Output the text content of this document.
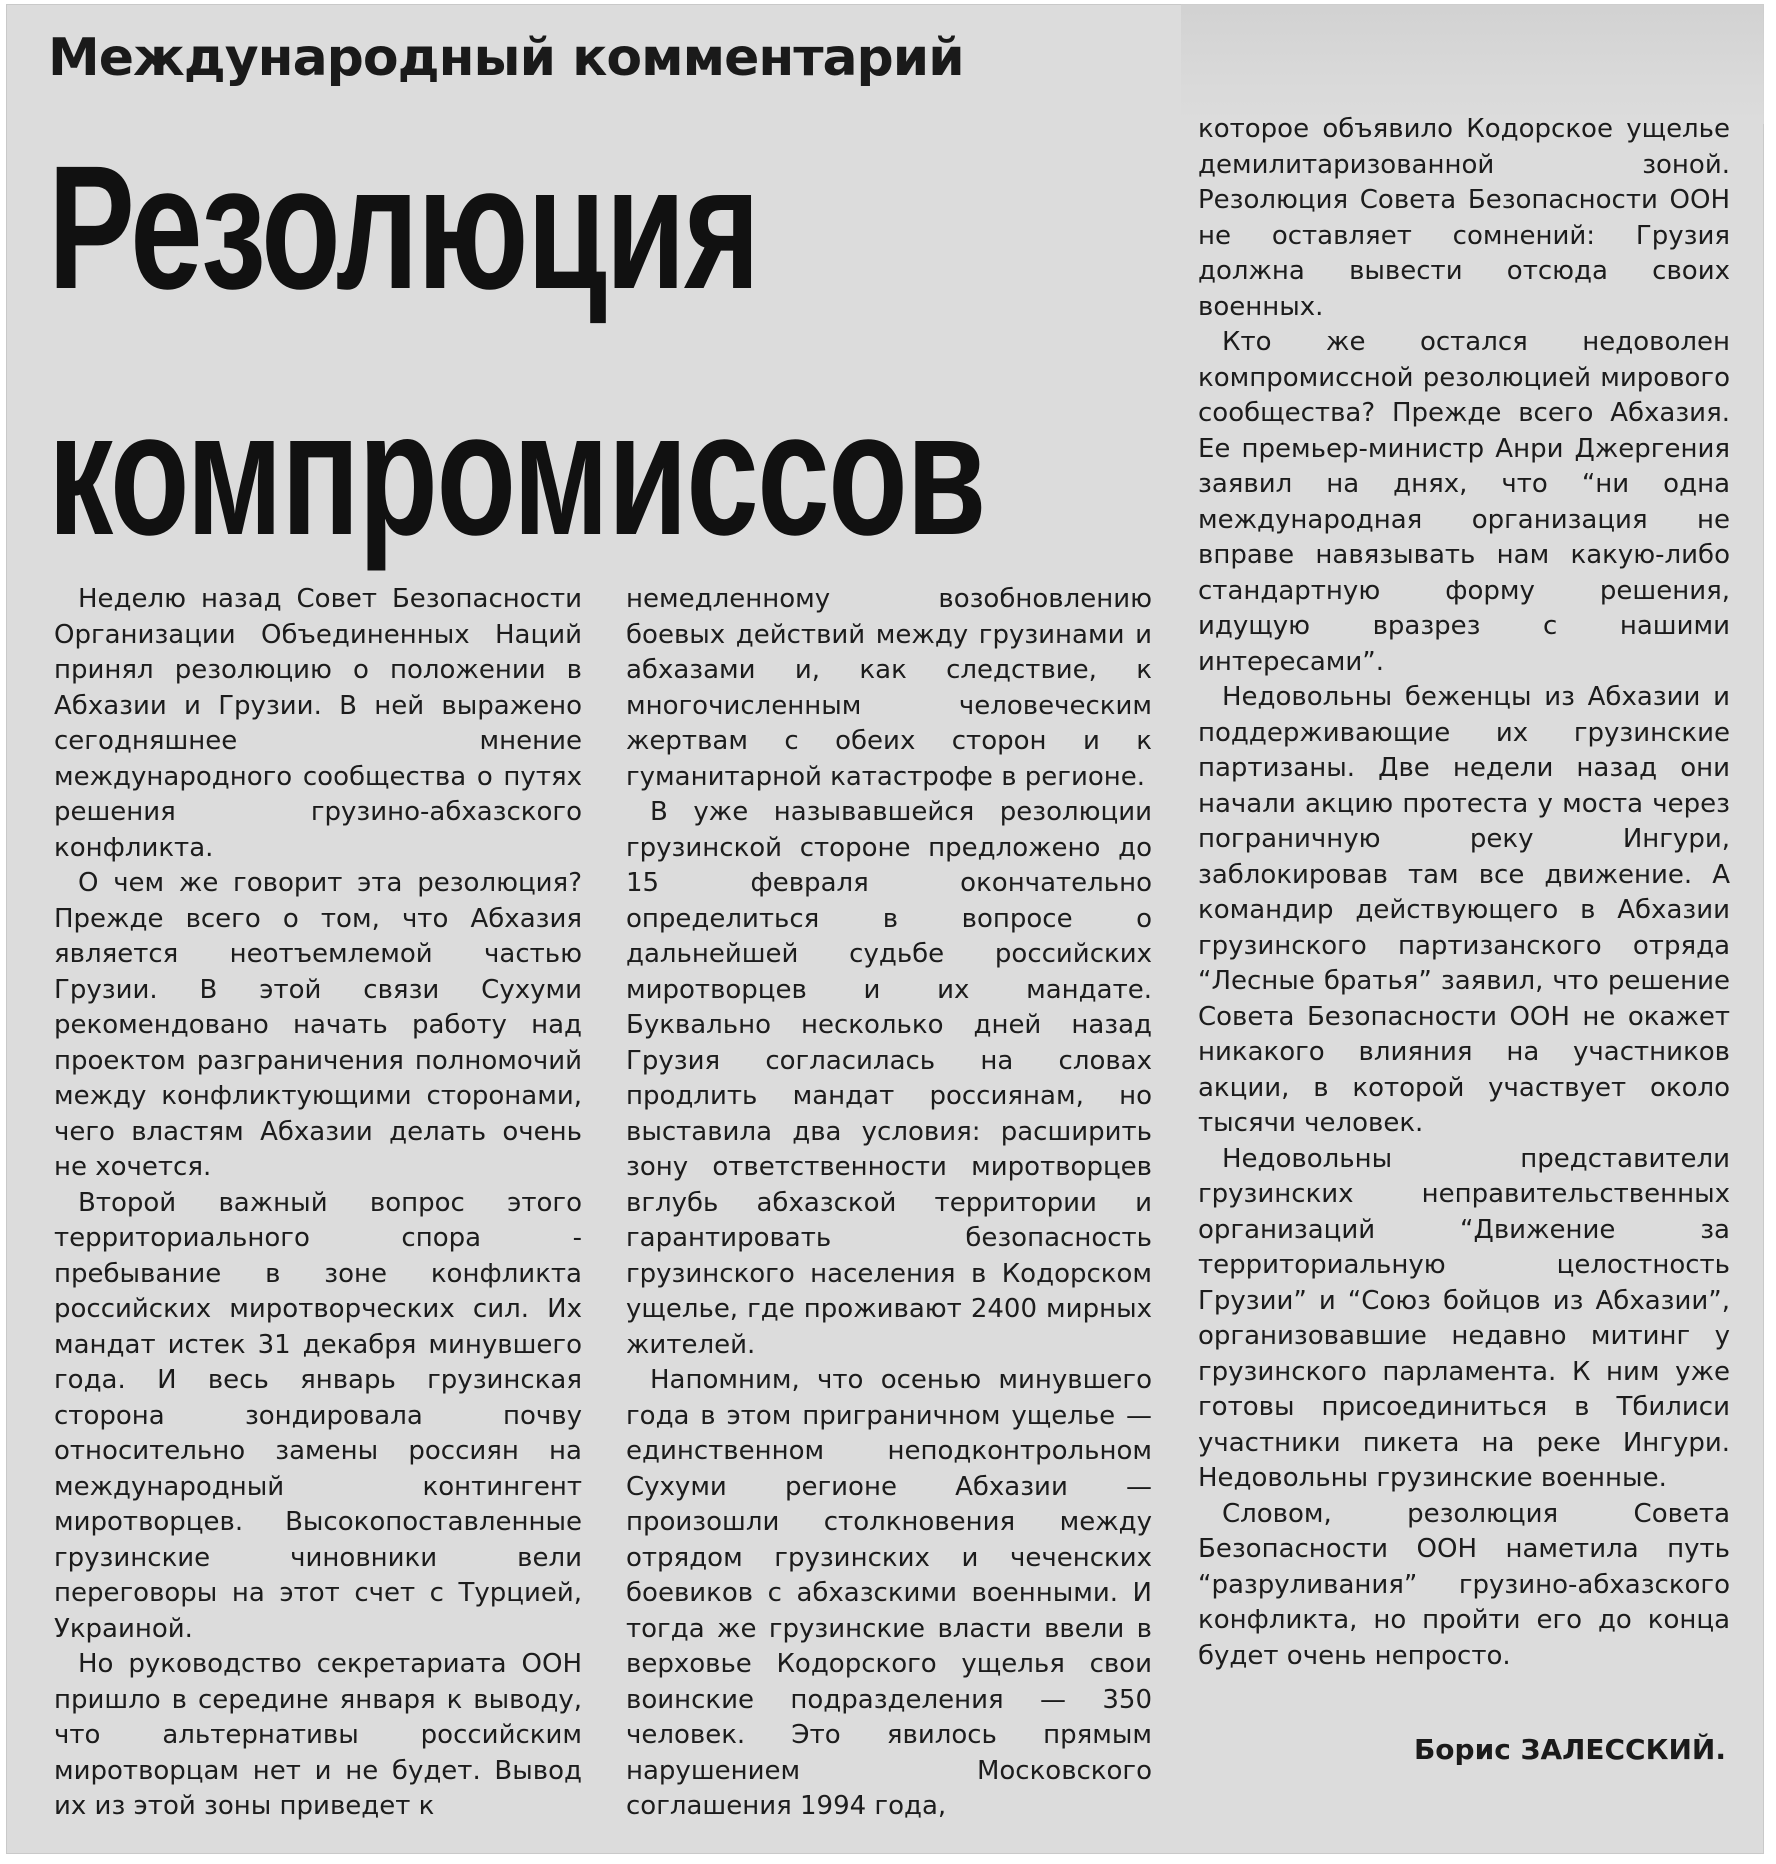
Международный комментарий
Резолюция
компромиссов

Неделю назад Совет Безопасности Организации Объединенных Наций принял резолюцию о положении в Абхазии и Грузии. В ней выражено сегодняшнее мнение международного сообщества о путях решения грузино-абхазского конфликта.

О чем же говорит эта резолюция? Прежде всего о том, что Абхазия является неотъемлемой частью Грузии. В этой связи Сухуми рекомендовано начать работу над проектом разграничения полномочий между конфликтующими сторонами, чего властям Абхазии делать очень не хочется.

Второй важный вопрос этого территориального спора - пребывание в зоне конфликта российских миротворческих сил. Их мандат истек 31 декабря минувшего года. И весь январь грузинская сторона зондировала почву относительно замены россиян на международный контингент миротворцев. Высокопоставленные грузинские чиновники вели переговоры на этот счет с Турцией, Украиной.

Но руководство секретариата ООН пришло в середине января к выводу, что альтернативы российским миротворцам нет и не будет. Вывод их из этой зоны приведет к

немедленному возобновлению боевых действий между грузинами и абхазами и, как следствие, к многочисленным человеческим жертвам с обеих сторон и к гуманитарной катастрофе в регионе.

В уже называвшейся резолюции грузинской стороне предложено до 15 февраля окончательно определиться в вопросе о дальнейшей судьбе российских миротворцев и их мандате. Буквально несколько дней назад Грузия согласилась на словах продлить мандат россиянам, но выставила два условия: расширить зону ответственности миротворцев вглубь абхазской территории и гарантировать безопасность грузинского населения в Кодорском ущелье, где проживают 2400 мирных жителей.

Напомним, что осенью минувшего года в этом приграничном ущелье — единственном неподконтрольном Сухуми регионе Абхазии — произошли столкновения между отрядом грузинских и чеченских боевиков с абхазскими военными. И тогда же грузинские власти ввели в верховье Кодорского ущелья свои воинские подразделения — 350 человек. Это явилось прямым нарушением Московского соглашения 1994 года,

которое объявило Кодорское ущелье демилитаризованной зоной. Резолюция Совета Безопасности ООН не оставляет сомнений: Грузия должна вывести отсюда своих военных.

Кто же остался недоволен компромиссной резолюцией мирового сообщества? Прежде всего Абхазия. Ее премьер-министр Анри Джергения заявил на днях, что “ни одна международная организация не вправе навязывать нам какую-либо стандартную форму решения, идущую вразрез с нашими интересами”.

Недовольны беженцы из Абхазии и поддерживающие их грузинские партизаны. Две недели назад они начали акцию протеста у моста через пограничную реку Ингури, заблокировав там все движение. А командир действующего в Абхазии грузинского партизанского отряда “Лесные братья” заявил, что решение Совета Безопасности ООН не окажет никакого влияния на участников акции, в которой участвует около тысячи человек.

Недовольны представители грузинских неправительственных организаций “Движение за территориальную целостность Грузии” и “Союз бойцов из Абхазии”, организовавшие недавно митинг у грузинского парламента. К ним уже готовы присоединиться в Тбилиси участники пикета на реке Ингури. Недовольны грузинские военные.

Словом, резолюция Совета Безопасности ООН наметила путь “разруливания” грузино-абхазского конфликта, но пройти его до конца будет очень непросто.

Борис ЗАЛЕССКИЙ.
